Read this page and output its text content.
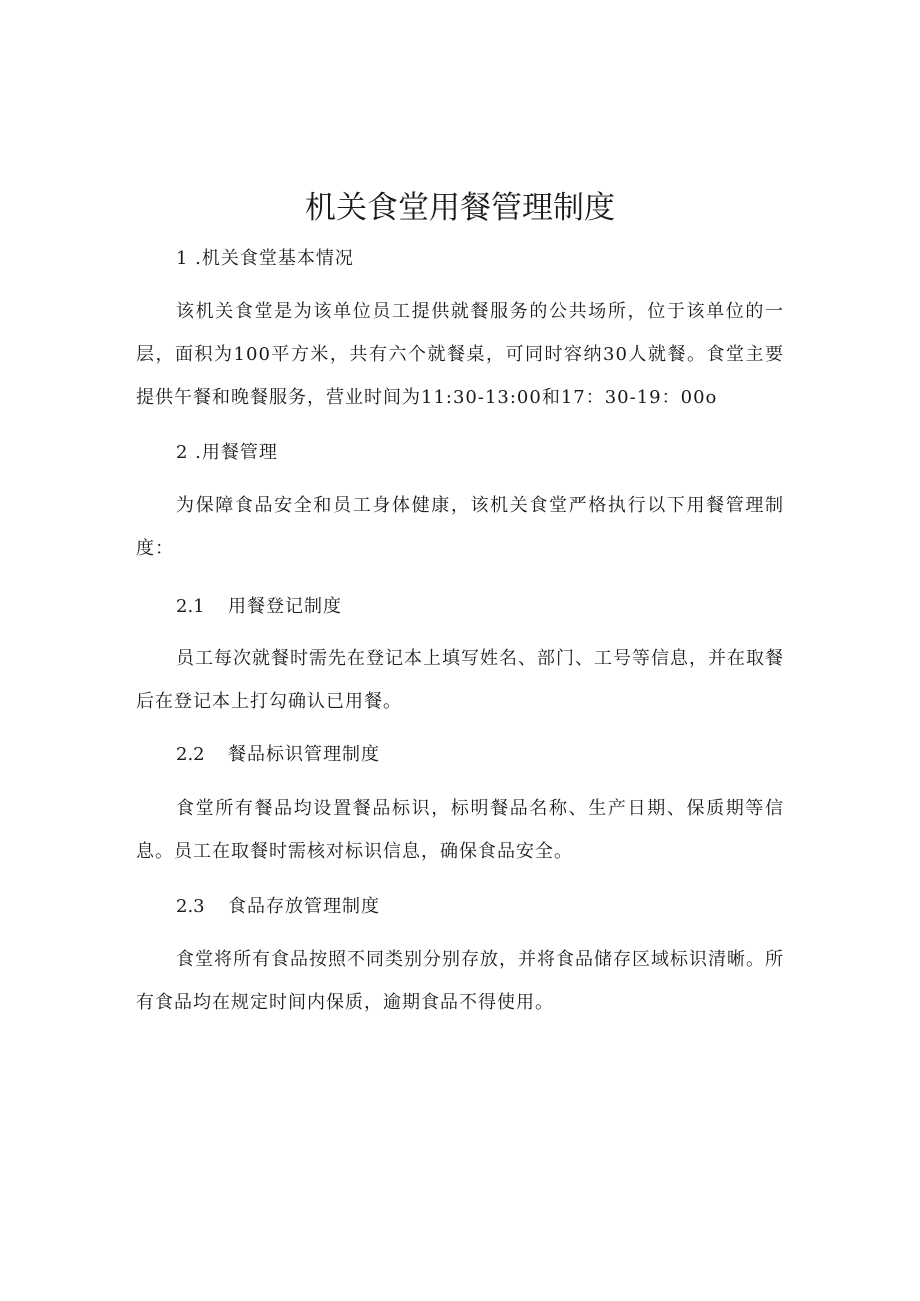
机关食堂用餐管理制度
1 .机关食堂基本情况

该机关食堂是为该单位员工提供就餐服务的公共场所，位于该单位的一层，面积为100平方米，共有六个就餐桌，可同时容纳30人就餐。食堂主要提供午餐和晚餐服务，营业时间为11:30-13:00和17：30-19：00o

2 .用餐管理

为保障食品安全和员工身体健康，该机关食堂严格执行以下用餐管理制度：

2.1 用餐登记制度

员工每次就餐时需先在登记本上填写姓名、部门、工号等信息，并在取餐后在登记本上打勾确认已用餐。

2.2 餐品标识管理制度

食堂所有餐品均设置餐品标识，标明餐品名称、生产日期、保质期等信息。员工在取餐时需核对标识信息，确保食品安全。

2.3 食品存放管理制度

食堂将所有食品按照不同类别分别存放，并将食品储存区域标识清晰。所有食品均在规定时间内保质，逾期食品不得使用。
